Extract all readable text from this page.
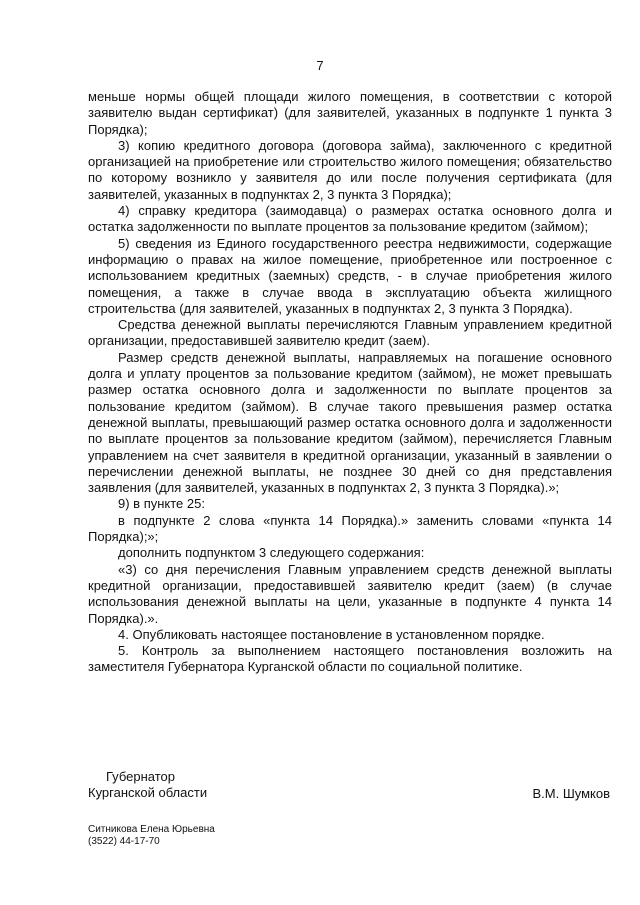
7

меньше нормы общей площади жилого помещения, в соответствии с которой заявителю выдан сертификат) (для заявителей, указанных в подпункте 1 пункта 3 Порядка);

3) копию кредитного договора (договора займа), заключенного с кредитной организацией на приобретение или строительство жилого помещения; обязательство по которому возникло у заявителя до или после получения сертификата (для заявителей, указанных в подпунктах 2, 3 пункта 3 Порядка);

4) справку кредитора (заимодавца) о размерах остатка основного долга и остатка задолженности по выплате процентов за пользование кредитом (займом);

5) сведения из Единого государственного реестра недвижимости, содержащие информацию о правах на жилое помещение, приобретенное или построенное с использованием кредитных (заемных) средств, - в случае приобретения жилого помещения, а также в случае ввода в эксплуатацию объекта жилищного строительства (для заявителей, указанных в подпунктах 2, 3 пункта 3 Порядка).

Средства денежной выплаты перечисляются Главным управлением кредитной организации, предоставившей заявителю кредит (заем).

Размер средств денежной выплаты, направляемых на погашение основного долга и уплату процентов за пользование кредитом (займом), не может превышать размер остатка основного долга и задолженности по выплате процентов за пользование кредитом (займом). В случае такого превышения размер остатка денежной выплаты, превышающий размер остатка основного долга и задолженности по выплате процентов за пользование кредитом (займом), перечисляется Главным управлением на счет заявителя в кредитной организации, указанный в заявлении о перечислении денежной выплаты, не позднее 30 дней со дня представления заявления (для заявителей, указанных в подпунктах 2, 3 пункта 3 Порядка).»;

9) в пункте 25:

в подпункте 2 слова «пункта 14 Порядка).» заменить словами «пункта 14 Порядка);»;

дополнить подпунктом 3 следующего содержания:

«3) со дня перечисления Главным управлением средств денежной выплаты кредитной организации, предоставившей заявителю кредит (заем) (в случае использования денежной выплаты на цели, указанные в подпункте 4 пункта 14 Порядка).».

4. Опубликовать настоящее постановление в установленном порядке.

5. Контроль за выполнением настоящего постановления возложить на заместителя Губернатора Курганской области по социальной политике.

Губернатор
Курганской области	В.М. Шумков
Ситникова Елена Юрьевна
(3522) 44-17-70
